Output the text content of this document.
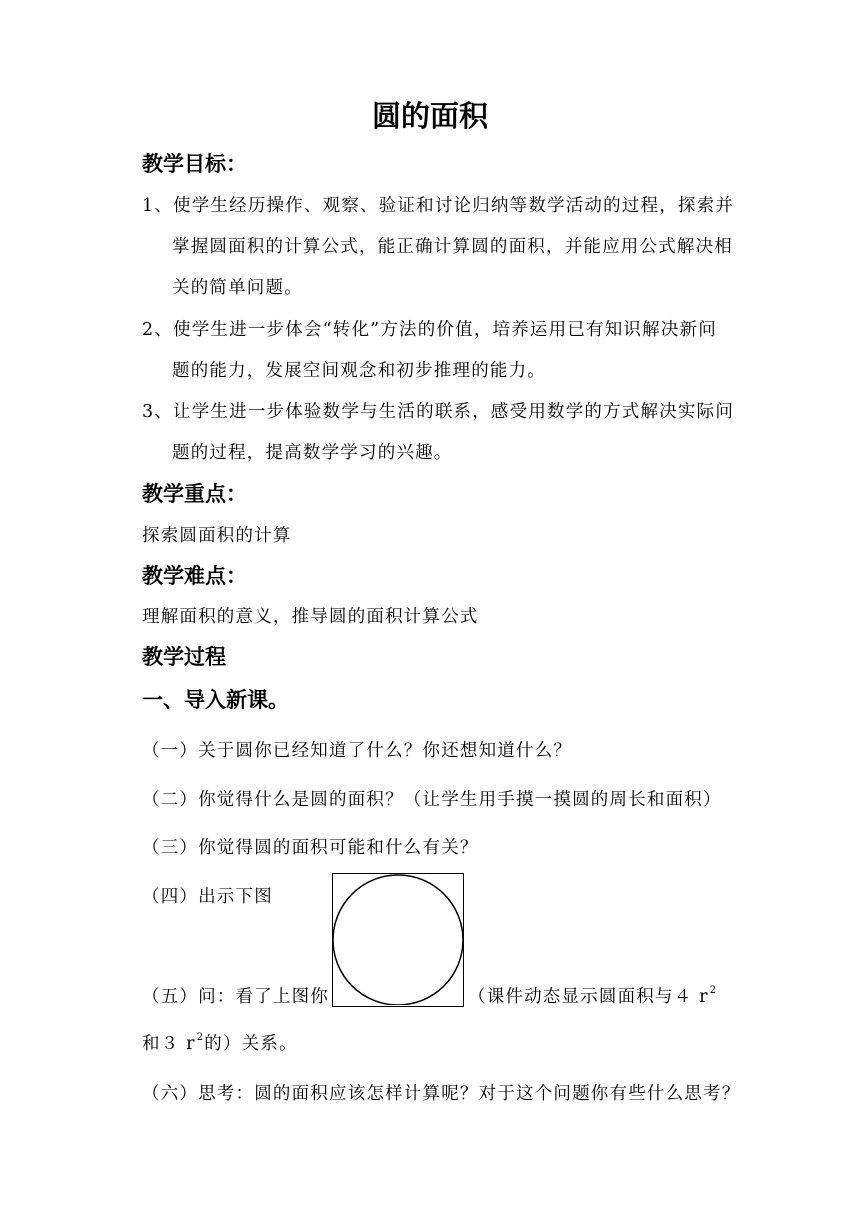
圆的面积
教学目标：
1、使学生经历操作、观察、验证和讨论归纳等数学活动的过程，探索并
掌握圆面积的计算公式，能正确计算圆的面积，并能应用公式解决相
关的简单问题。
2、使学生进一步体会“转化”方法的价值，培养运用已有知识解决新问
题的能力，发展空间观念和初步推理的能力。
3、让学生进一步体验数学与生活的联系，感受用数学的方式解决实际问
题的过程，提高数学学习的兴趣。
教学重点：
探索圆面积的计算
教学难点：
理解面积的意义，推导圆的面积计算公式
教学过程
一、导入新课。
（一）关于圆你已经知道了什么？你还想知道什么？
（二）你觉得什么是圆的面积？（让学生用手摸一摸圆的周长和面积）
（三）你觉得圆的面积可能和什么有关？
（四）出示下图
（五）问：看了上图你	（课件动态显示圆面积与４ $r^2$
和３ $r^2$的）关系。
（六）思考：圆的面积应该怎样计算呢？对于这个问题你有些什么思考？
